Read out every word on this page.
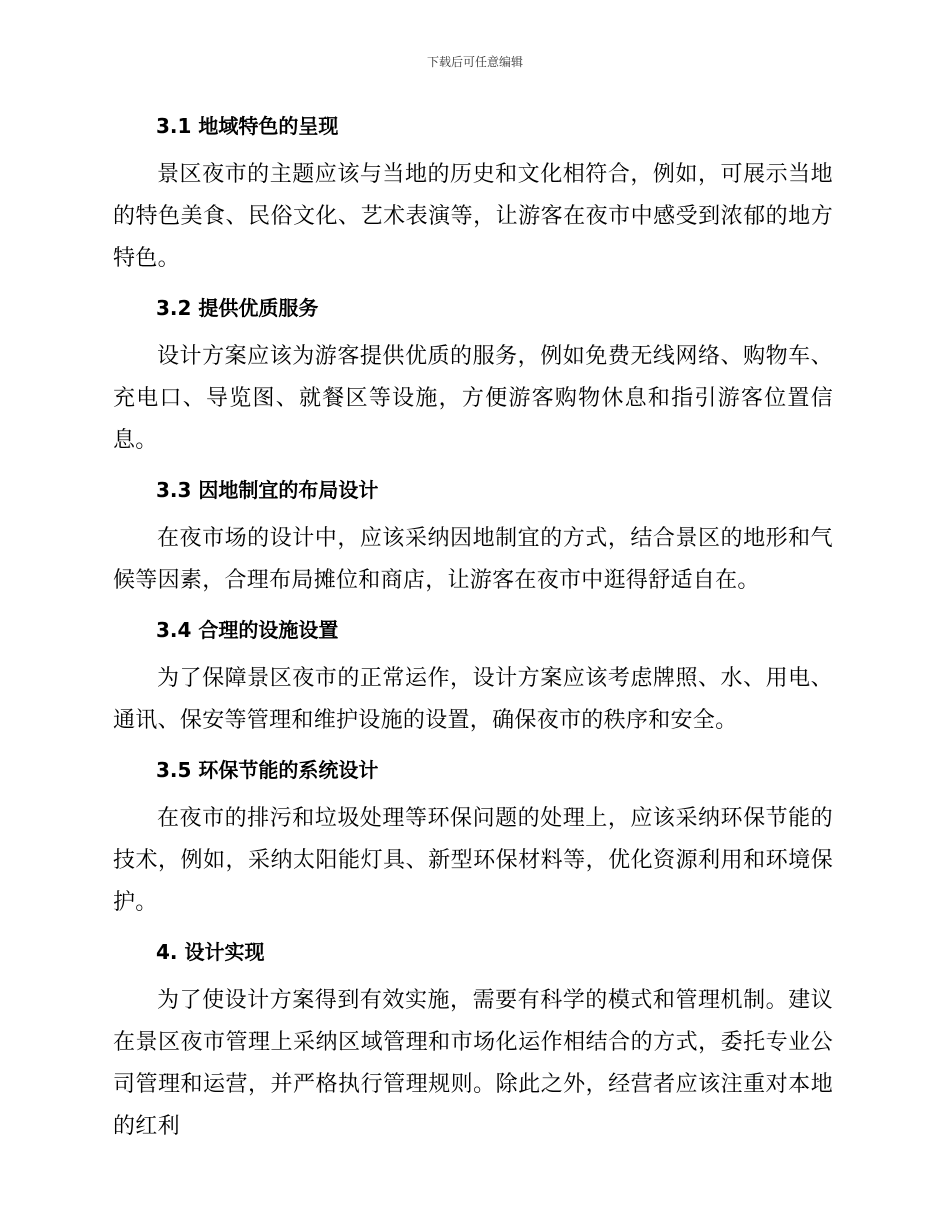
下载后可任意编辑
3.1 地域特色的呈现

景区夜市的主题应该与当地的历史和文化相符合，例如，可展示当地的特色美食、民俗文化、艺术表演等，让游客在夜市中感受到浓郁的地方特色。

3.2 提供优质服务

设计方案应该为游客提供优质的服务，例如免费无线网络、购物车、充电口、导览图、就餐区等设施，方便游客购物休息和指引游客位置信息。

3.3 因地制宜的布局设计

在夜市场的设计中，应该采纳因地制宜的方式，结合景区的地形和气候等因素，合理布局摊位和商店，让游客在夜市中逛得舒适自在。

3.4 合理的设施设置

为了保障景区夜市的正常运作，设计方案应该考虑牌照、水、用电、通讯、保安等管理和维护设施的设置，确保夜市的秩序和安全。

3.5 环保节能的系统设计

在夜市的排污和垃圾处理等环保问题的处理上，应该采纳环保节能的技术，例如，采纳太阳能灯具、新型环保材料等，优化资源利用和环境保护。

4. 设计实现

为了使设计方案得到有效实施，需要有科学的模式和管理机制。建议在景区夜市管理上采纳区域管理和市场化运作相结合的方式，委托专业公司管理和运营，并严格执行管理规则。除此之外，经营者应该注重对本地的红利
